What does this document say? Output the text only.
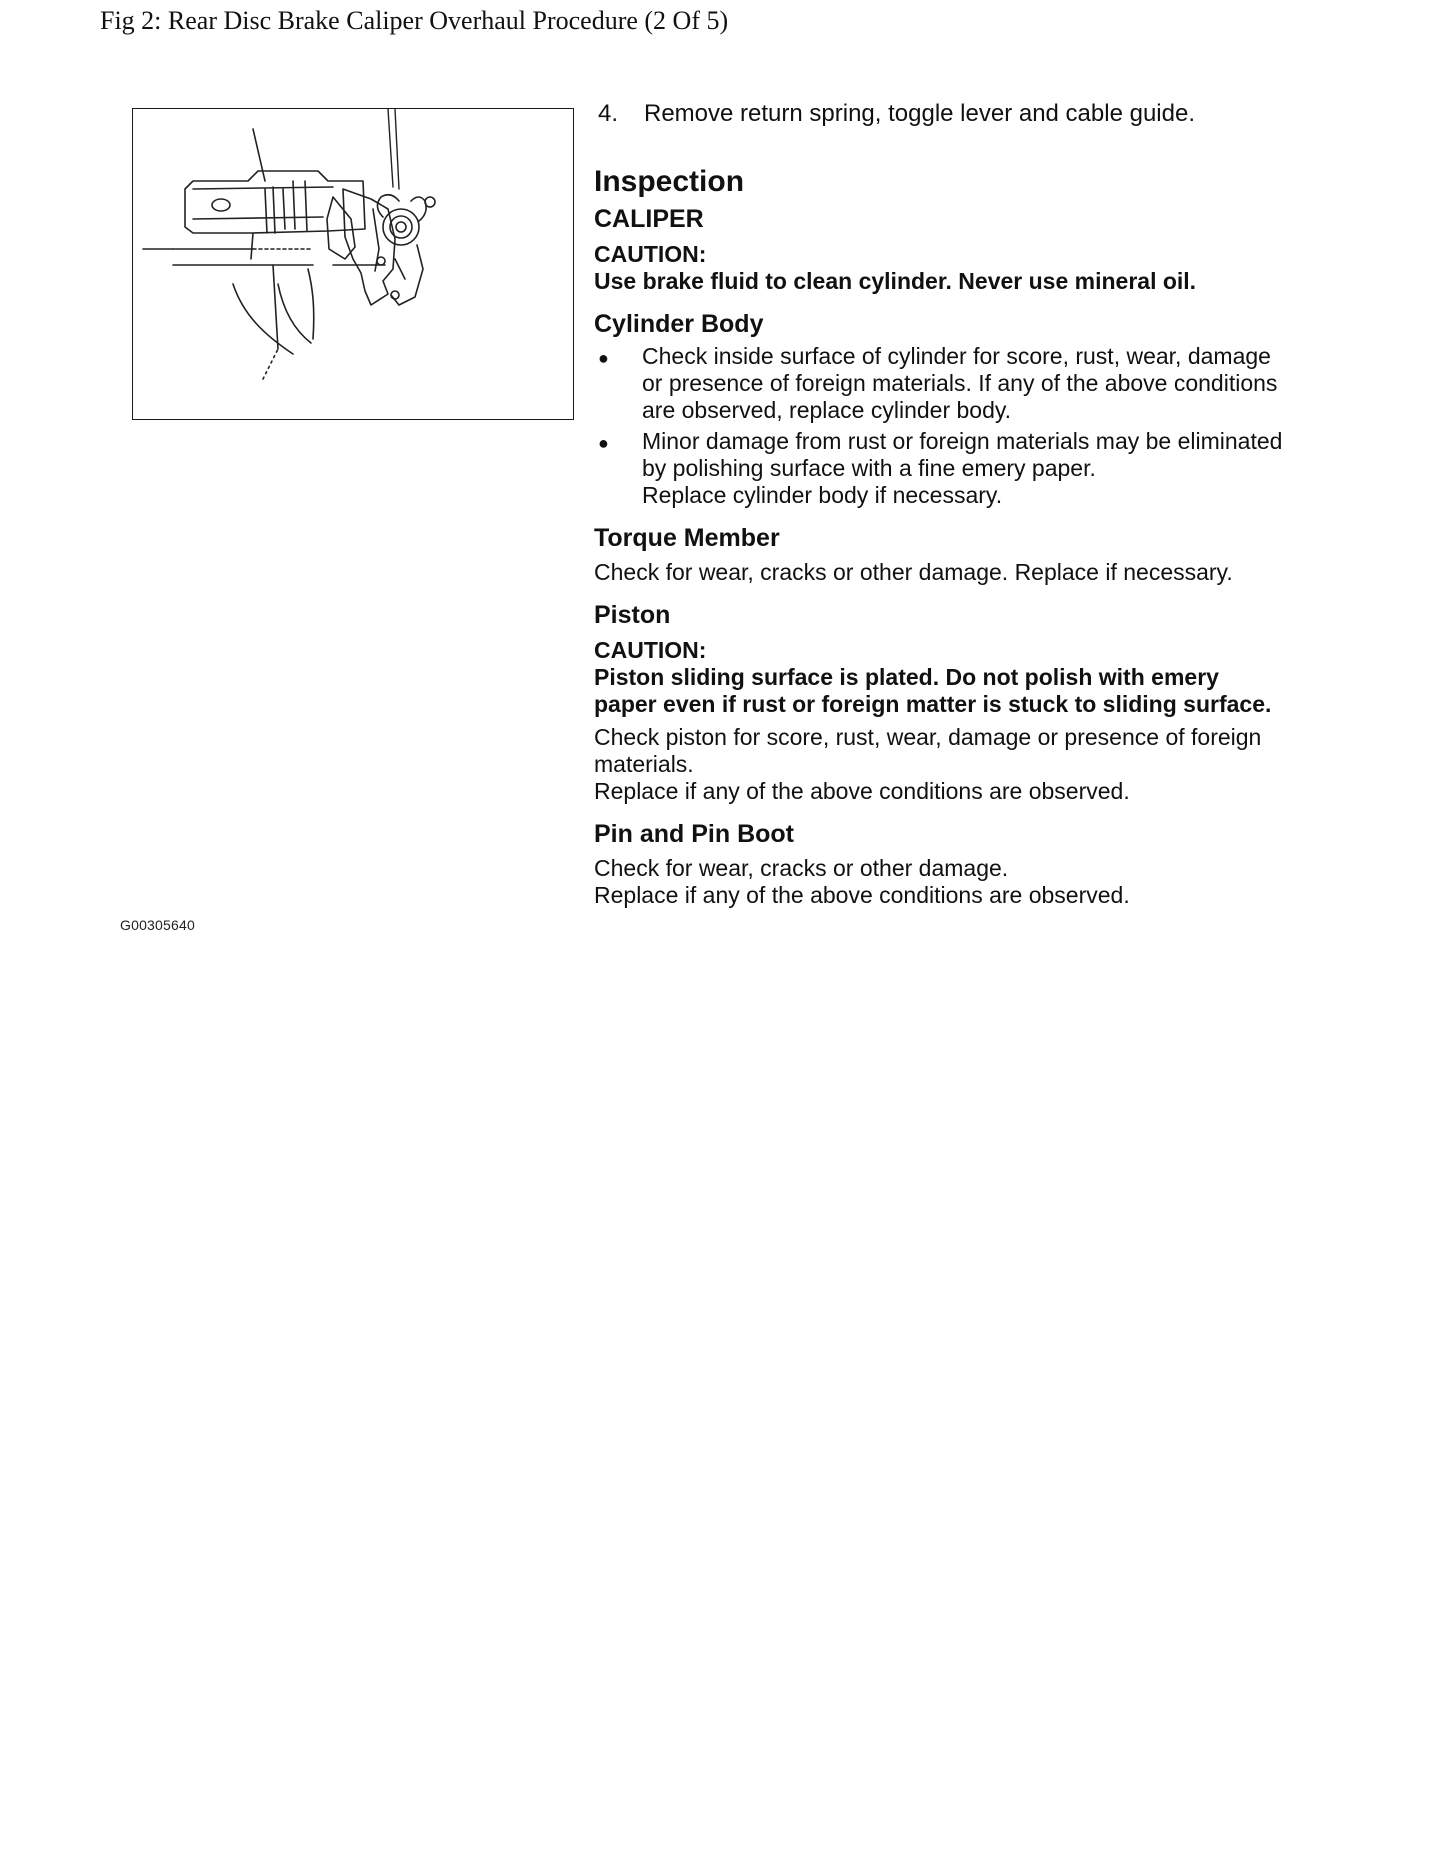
Fig 2: Rear Disc Brake Caliper Overhaul Procedure (2 Of 5)
G00305640
4. Remove return spring, toggle lever and cable guide.
Inspection
CALIPER
CAUTION:
Use brake fluid to clean cylinder. Never use mineral oil.
Cylinder Body
● Check inside surface of cylinder for score, rust, wear, damage
or presence of foreign materials. If any of the above conditions
are observed, replace cylinder body.
● Minor damage from rust or foreign materials may be eliminated
by polishing surface with a fine emery paper.
Replace cylinder body if necessary.
Torque Member
Check for wear, cracks or other damage. Replace if necessary.
Piston
CAUTION:
Piston sliding surface is plated. Do not polish with emery
paper even if rust or foreign matter is stuck to sliding surface.
Check piston for score, rust, wear, damage or presence of foreign
materials.
Replace if any of the above conditions are observed.
Pin and Pin Boot
Check for wear, cracks or other damage.
Replace if any of the above conditions are observed.
